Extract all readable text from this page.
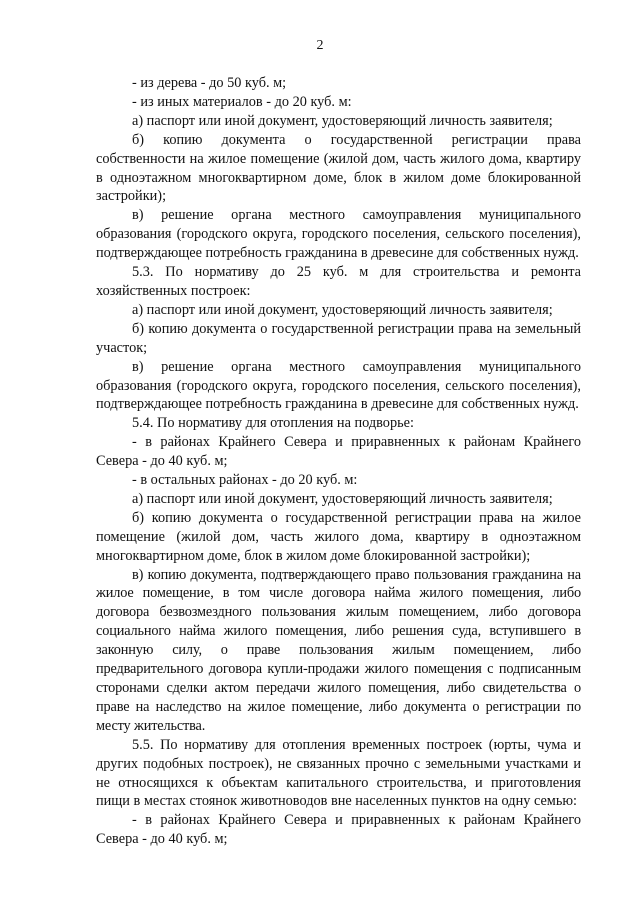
2

- из дерева - до 50 куб. м;

- из иных материалов - до 20 куб. м:

а) паспорт или иной документ, удостоверяющий личность заявителя;

б) копию документа о государственной регистрации права собственности на жилое помещение (жилой дом, часть жилого дома, квартиру в одноэтажном многоквартирном доме, блок в жилом доме блокированной застройки);

в) решение органа местного самоуправления муниципального образования (городского округа, городского поселения, сельского поселения), подтверждающее потребность гражданина в древесине для собственных нужд.

5.3. По нормативу до 25 куб. м для строительства и ремонта хозяйственных построек:

а) паспорт или иной документ, удостоверяющий личность заявителя;

б) копию документа о государственной регистрации права на земельный участок;

в) решение органа местного самоуправления муниципального образования (городского округа, городского поселения, сельского поселения), подтверждающее потребность гражданина в древесине для собственных нужд.

5.4. По нормативу для отопления на подворье:

- в районах Крайнего Севера и приравненных к районам Крайнего Севера - до 40 куб. м;

- в остальных районах - до 20 куб. м:

а) паспорт или иной документ, удостоверяющий личность заявителя;

б) копию документа о государственной регистрации права на жилое помещение (жилой дом, часть жилого дома, квартиру в одноэтажном многоквартирном доме, блок в жилом доме блокированной застройки);

в) копию документа, подтверждающего право пользования гражданина на жилое помещение, в том числе договора найма жилого помещения, либо договора безвозмездного пользования жилым помещением, либо договора социального найма жилого помещения, либо решения суда, вступившего в законную силу, о праве пользования жилым помещением, либо предварительного договора купли-продажи жилого помещения с подписанным сторонами сделки актом передачи жилого помещения, либо свидетельства о праве на наследство на жилое помещение, либо документа о регистрации по месту жительства.

5.5. По нормативу для отопления временных построек (юрты, чума и других подобных построек), не связанных прочно с земельными участками и не относящихся к объектам капитального строительства, и приготовления пищи в местах стоянок животноводов вне населенных пунктов на одну семью:

- в районах Крайнего Севера и приравненных к районам Крайнего Севера - до 40 куб. м;
